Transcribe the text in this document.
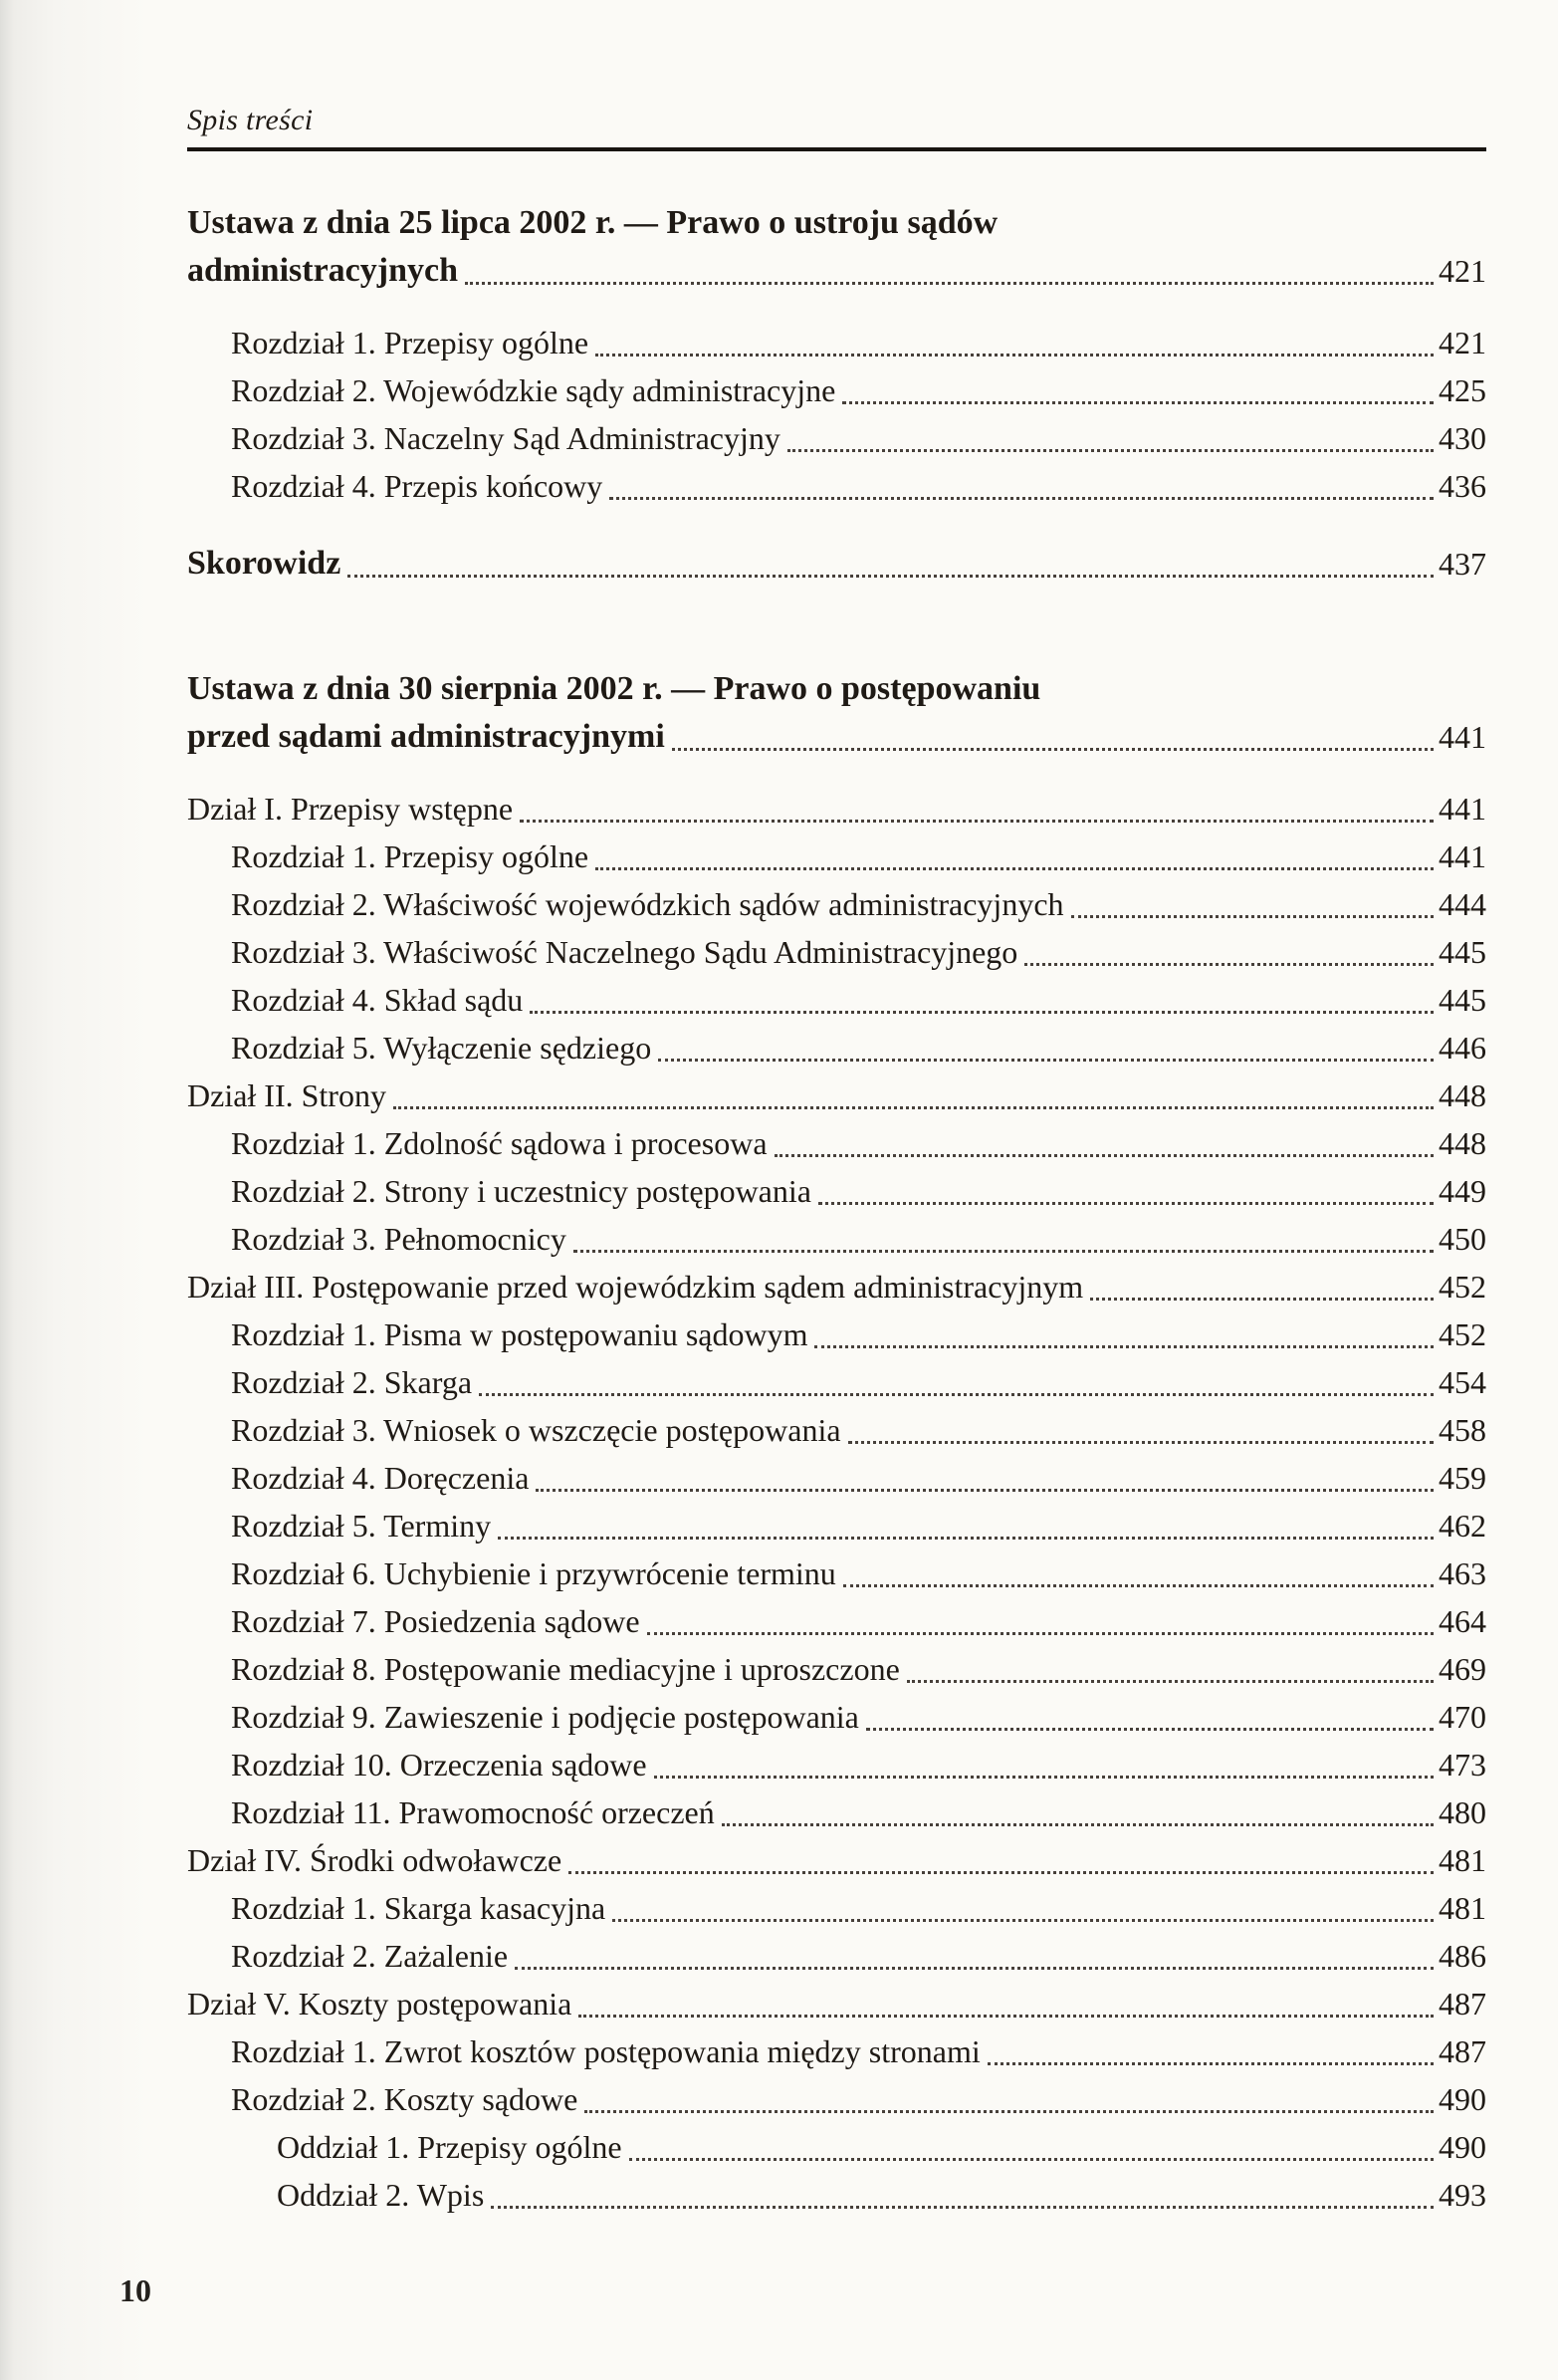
Spis treści
Ustawa z dnia 25 lipca 2002 r. — Prawo o ustroju sądów
administracyjnych	421
Rozdział 1. Przepisy ogólne	421
Rozdział 2. Wojewódzkie sądy administracyjne	425
Rozdział 3. Naczelny Sąd Administracyjny	430
Rozdział 4. Przepis końcowy	436
Skorowidz	437
Ustawa z dnia 30 sierpnia 2002 r. — Prawo o postępowaniu
przed sądami administracyjnymi	441
Dział I. Przepisy wstępne	441
Rozdział 1. Przepisy ogólne	441
Rozdział 2. Właściwość wojewódzkich sądów administracyjnych	444
Rozdział 3. Właściwość Naczelnego Sądu Administracyjnego	445
Rozdział 4. Skład sądu	445
Rozdział 5. Wyłączenie sędziego	446
Dział II. Strony	448
Rozdział 1. Zdolność sądowa i procesowa	448
Rozdział 2. Strony i uczestnicy postępowania	449
Rozdział 3. Pełnomocnicy	450
Dział III. Postępowanie przed wojewódzkim sądem administracyjnym	452
Rozdział 1. Pisma w postępowaniu sądowym	452
Rozdział 2. Skarga	454
Rozdział 3. Wniosek o wszczęcie postępowania	458
Rozdział 4. Doręczenia	459
Rozdział 5. Terminy	462
Rozdział 6. Uchybienie i przywrócenie terminu	463
Rozdział 7. Posiedzenia sądowe	464
Rozdział 8. Postępowanie mediacyjne i uproszczone	469
Rozdział 9. Zawieszenie i podjęcie postępowania	470
Rozdział 10. Orzeczenia sądowe	473
Rozdział 11. Prawomocność orzeczeń	480
Dział IV. Środki odwoławcze	481
Rozdział 1. Skarga kasacyjna	481
Rozdział 2. Zażalenie	486
Dział V. Koszty postępowania	487
Rozdział 1. Zwrot kosztów postępowania między stronami	487
Rozdział 2. Koszty sądowe	490
Oddział 1. Przepisy ogólne	490
Oddział 2. Wpis	493
10
